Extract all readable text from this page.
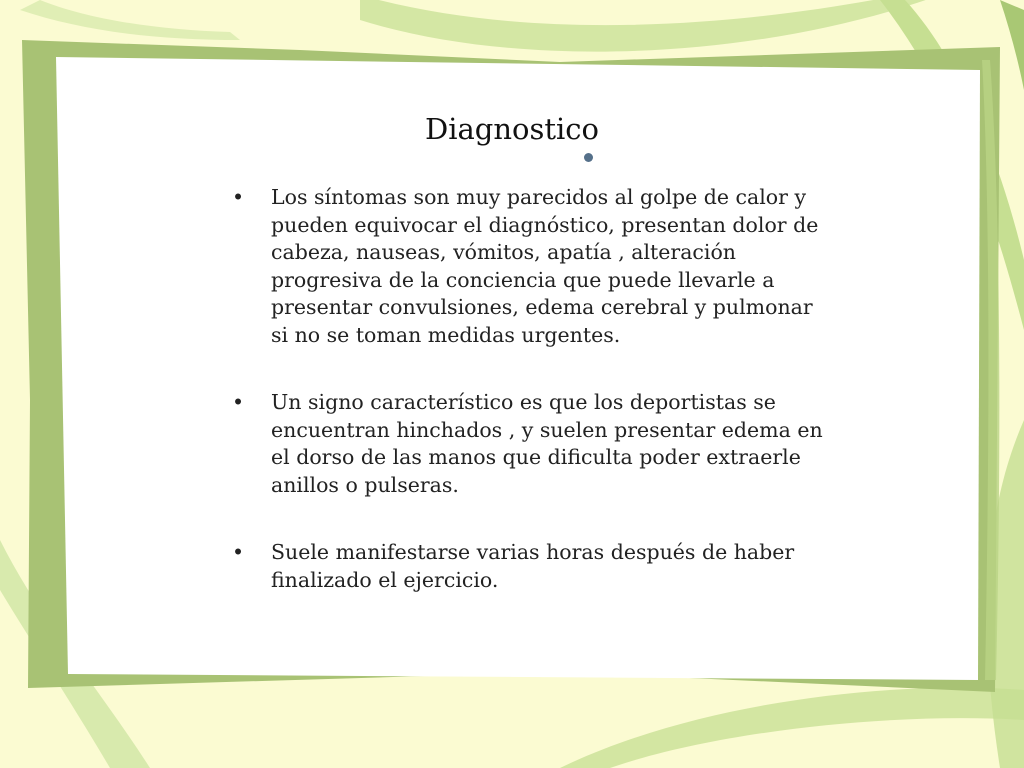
Diagnostico
•	Los síntomas son muy parecidos al golpe de calor y pueden equivocar el diagnóstico, presentan dolor de cabeza, nauseas, vómitos, apatía , alteración progresiva de la conciencia que puede llevarle a presentar convulsiones, edema cerebral y pulmonar si no se toman medidas urgentes.
•	Un signo característico es que los deportistas se encuentran hinchados , y suelen presentar edema en el dorso de las manos que dificulta poder extraerle anillos o pulseras.
•	Suele manifestarse varias horas después de haber finalizado el ejercicio.
